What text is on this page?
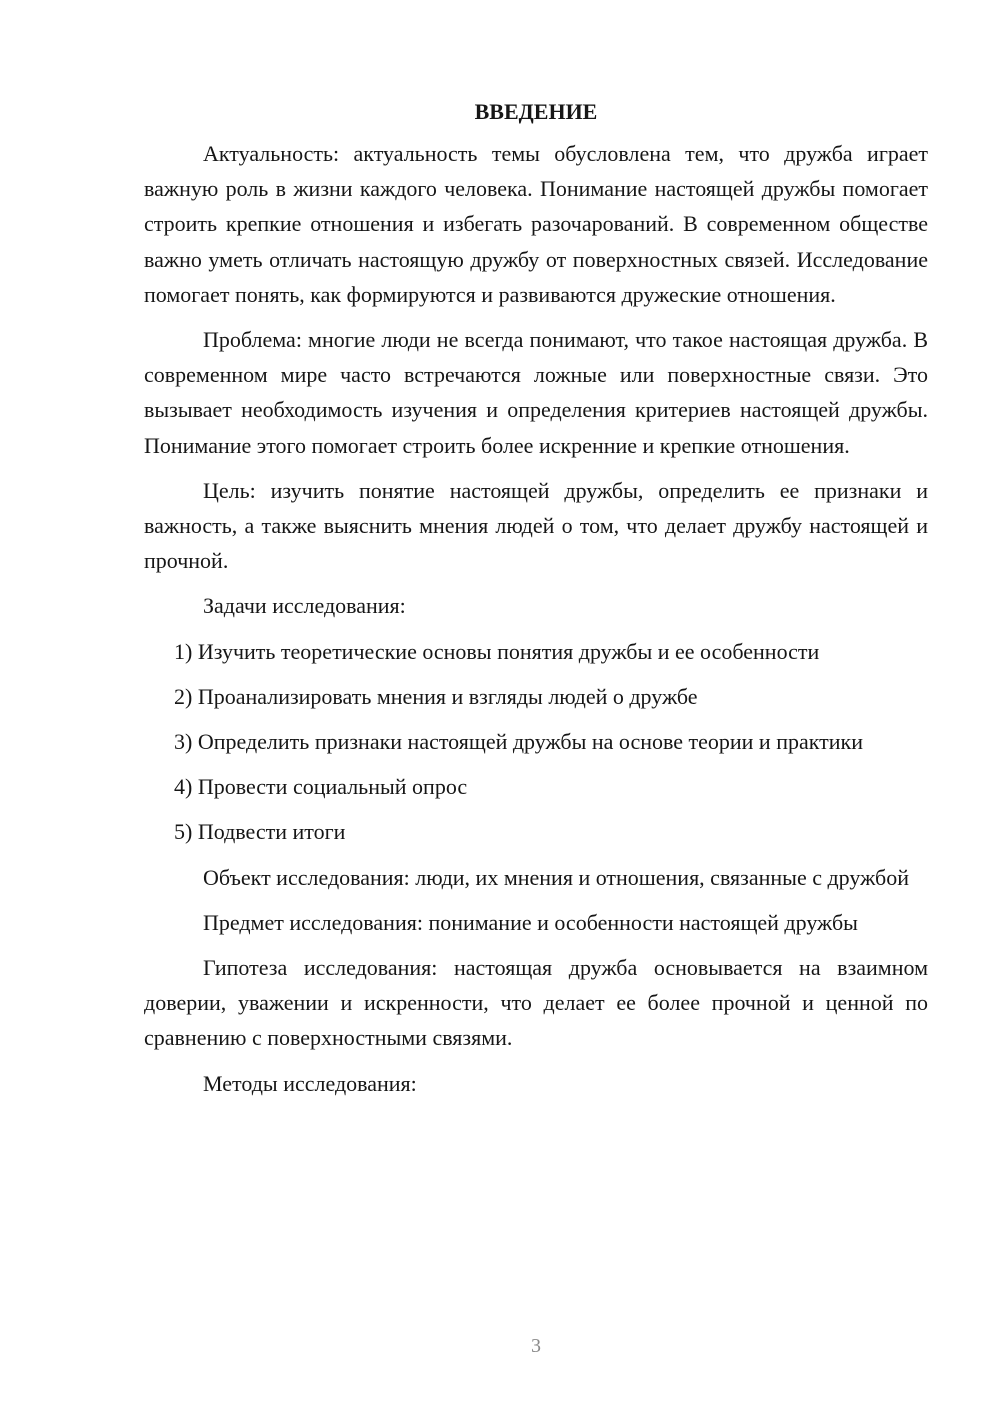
ВВЕДЕНИЕ

Актуальность: актуальность темы обусловлена тем, что дружба играет важную роль в жизни каждого человека. Понимание настоящей дружбы помогает строить крепкие отношения и избегать разочарований. В современном обществе важно уметь отличать настоящую дружбу от поверхностных связей. Исследование помогает понять, как формируются и развиваются дружеские отношения.

Проблема: многие люди не всегда понимают, что такое настоящая дружба. В современном мире часто встречаются ложные или поверхностные связи. Это вызывает необходимость изучения и определения критериев настоящей дружбы. Понимание этого помогает строить более искренние и крепкие отношения.

Цель: изучить понятие настоящей дружбы, определить ее признаки и важность, а также выяснить мнения людей о том, что делает дружбу настоящей и прочной.

Задачи исследования:

1) Изучить теоретические основы понятия дружбы и ее особенности

2) Проанализировать мнения и взгляды людей о дружбе

3) Определить признаки настоящей дружбы на основе теории и практики

4) Провести социальный опрос

5) Подвести итоги

Объект исследования: люди, их мнения и отношения, связанные с дружбой

Предмет исследования: понимание и особенности настоящей дружбы

Гипотеза исследования: настоящая дружба основывается на взаимном доверии, уважении и искренности, что делает ее более прочной и ценной по сравнению с поверхностными связями.

Методы исследования:

3
